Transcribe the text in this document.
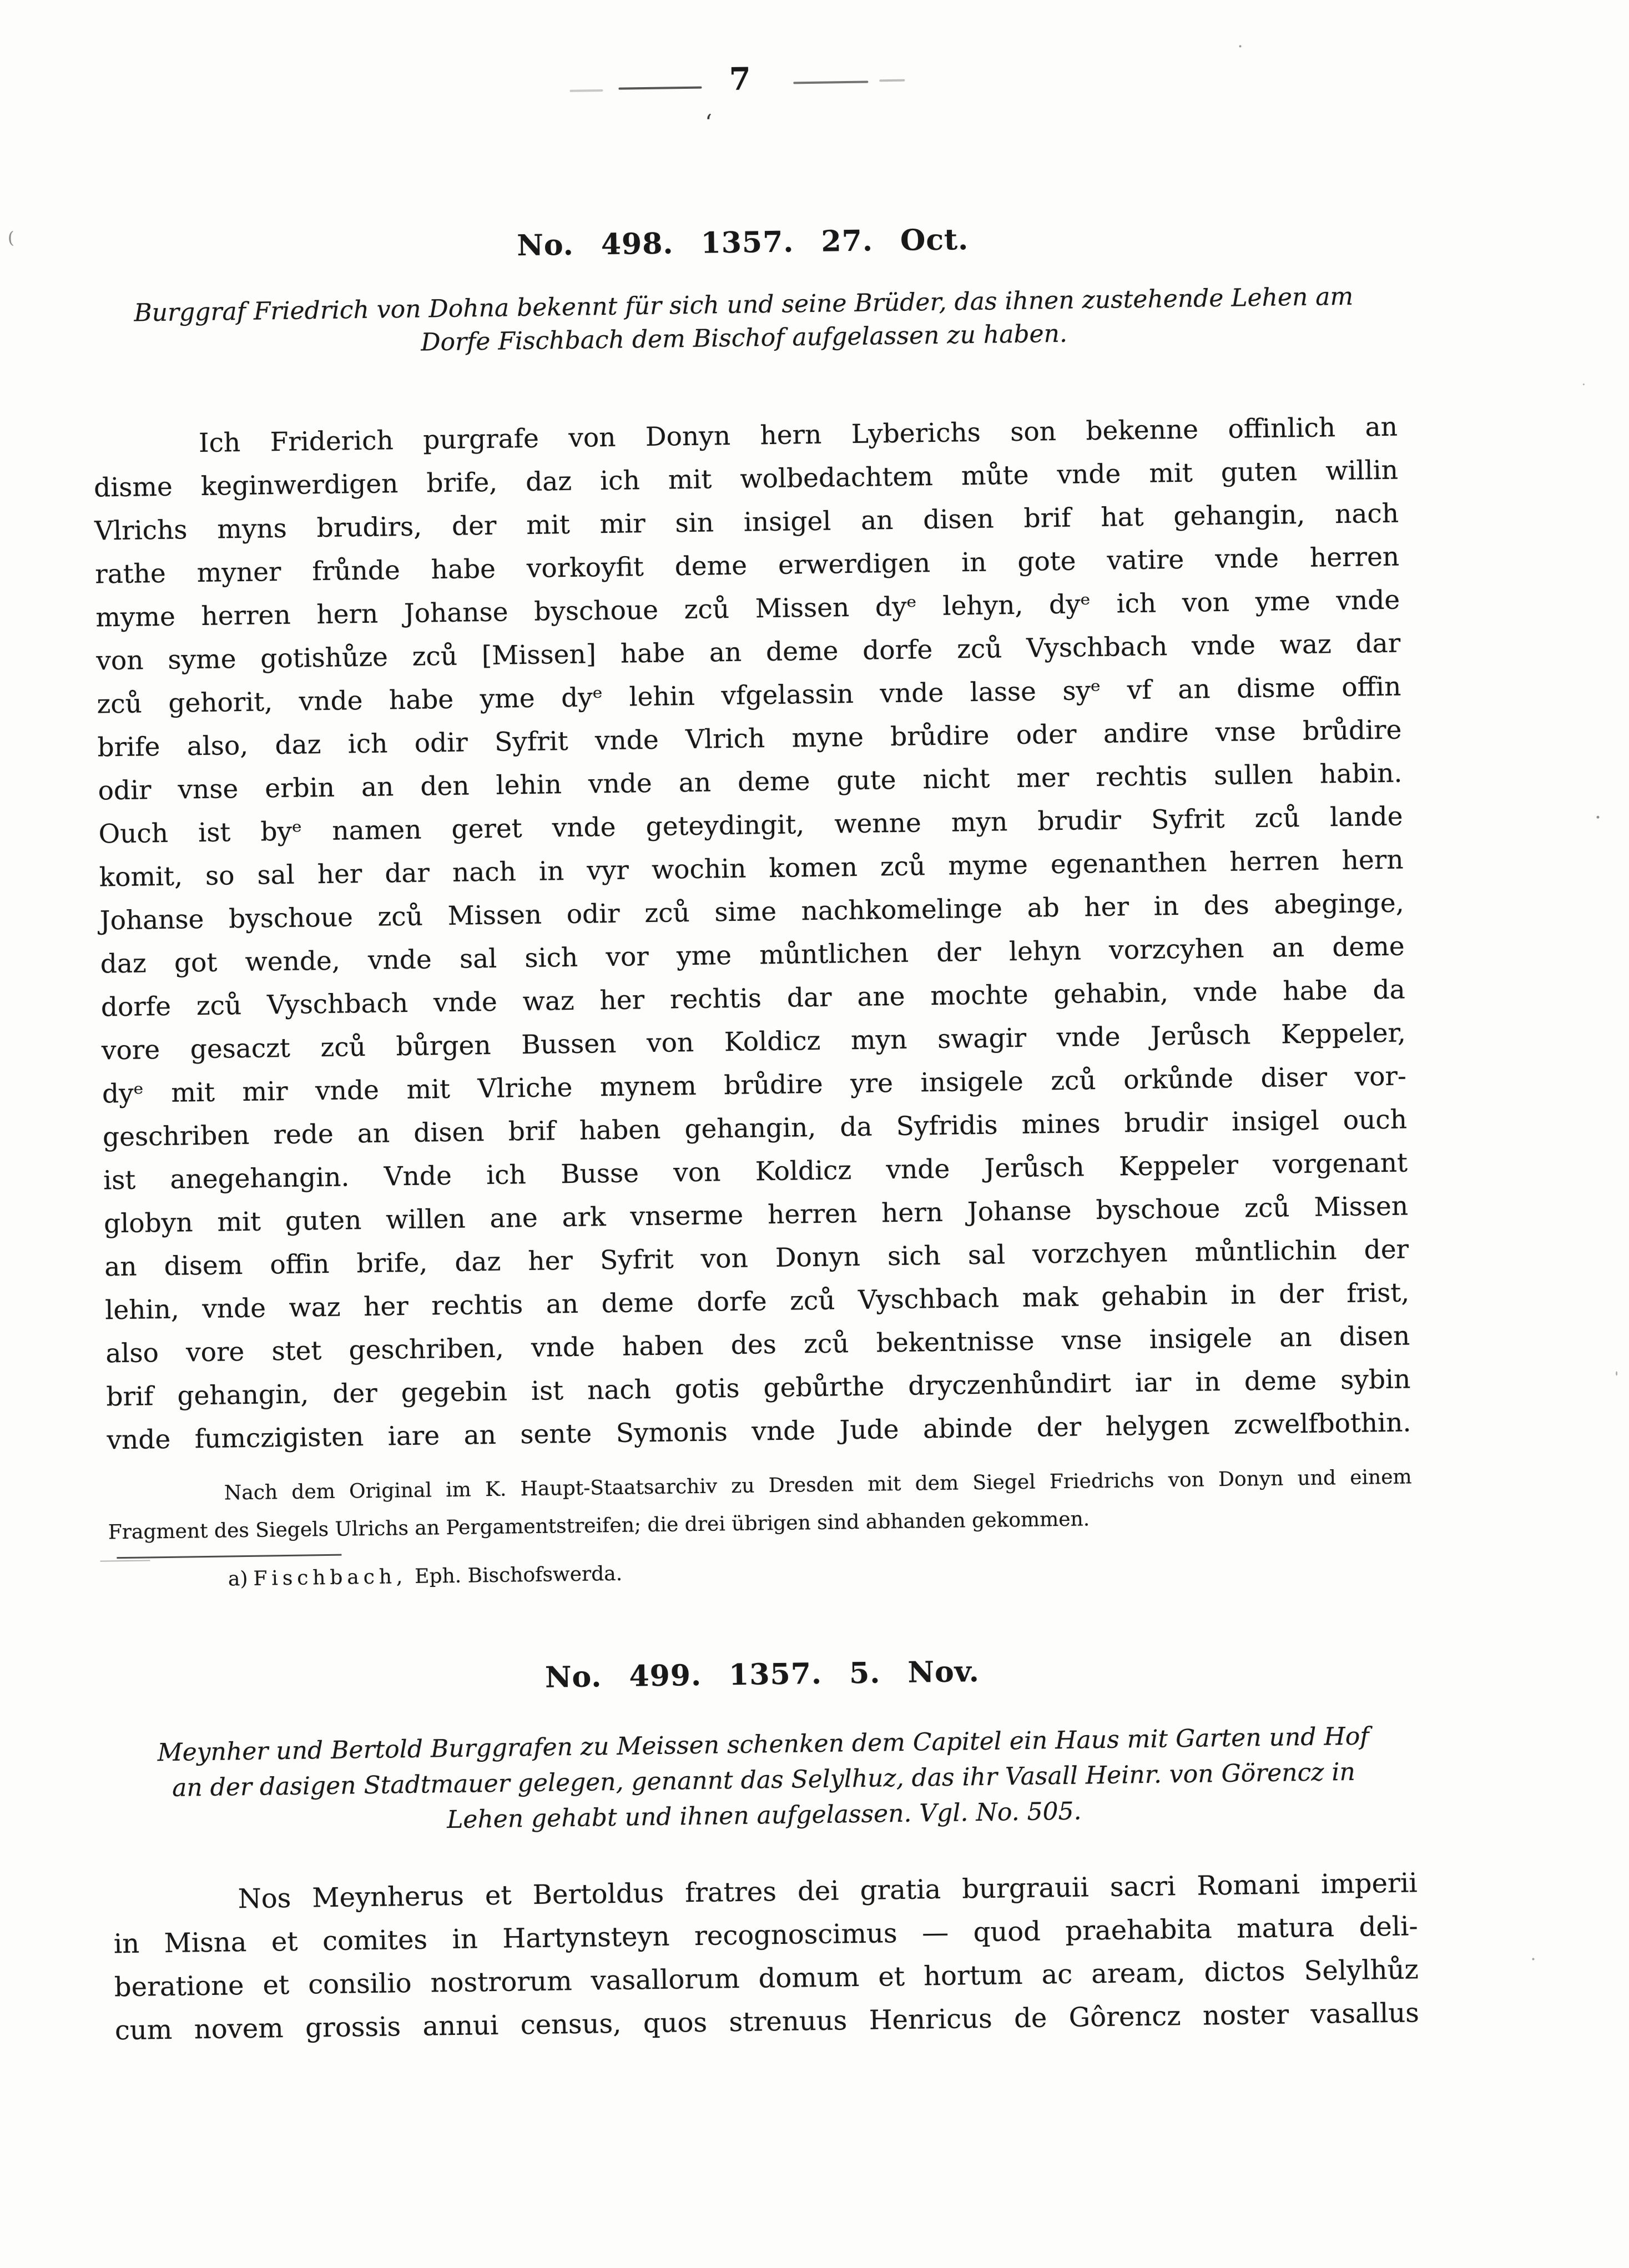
7
‘
(	No. 498. 1357. 27. Oct.
Burggraf Friedrich von Dohna bekennt für sich und seine Brüder, das ihnen zustehende Lehen am
Dorfe Fischbach dem Bischof aufgelassen zu haben.
Ich Friderich purgrafe von Donyn hern Lyberichs son bekenne offinlich an
disme keginwerdigen brife, daz ich mit wolbedachtem můte vnde mit guten willin
Vlrichs myns brudirs, der mit mir sin insigel an disen brif hat gehangin, nach
rathe myner frůnde habe vorkoyfit deme erwerdigen in gote vatire vnde herren
myme herren hern Johanse byschoue zců Missen dyᵉ lehyn, dyᵉ ich von yme vnde
von syme gotishůze zců [Missen] habe an deme dorfe zců Vyschbach vnde waz dar
zců gehorit, vnde habe yme dyᵉ lehin vfgelassin vnde lasse syᵉ vf an disme offin
brife also, daz ich odir Syfrit vnde Vlrich myne brůdire oder andire vnse brůdire
odir vnse erbin an den lehin vnde an deme gute nicht mer rechtis sullen habin.
Ouch ist byᵉ namen geret vnde geteydingit, wenne myn brudir Syfrit zců lande
komit, so sal her dar nach in vyr wochin komen zců myme egenanthen herren hern
Johanse byschoue zců Missen odir zců sime nachkomelinge ab her in des abeginge,
daz got wende, vnde sal sich vor yme můntlichen der lehyn vorzcyhen an deme
dorfe zců Vyschbach vnde waz her rechtis dar ane mochte gehabin, vnde habe da
vore gesaczt zců bůrgen Bussen von Koldicz myn swagir vnde Jerůsch Keppeler,
dyᵉ mit mir vnde mit Vlriche mynem brůdire yre insigele zců orkůnde diser vor-
geschriben rede an disen brif haben gehangin, da Syfridis mines brudir insigel ouch
ist anegehangin. Vnde ich Busse von Koldicz vnde Jerůsch Keppeler vorgenant
globyn mit guten willen ane ark vnserme herren hern Johanse byschoue zců Missen
an disem offin brife, daz her Syfrit von Donyn sich sal vorzchyen můntlichin der
lehin, vnde waz her rechtis an deme dorfe zců Vyschbach mak gehabin in der frist,
also vore stet geschriben, vnde haben des zců bekentnisse vnse insigele an disen
brif gehangin, der gegebin ist nach gotis gebůrthe dryczenhůndirt iar in deme sybin
vnde fumczigisten iare an sente Symonis vnde Jude abinde der helygen zcwelfbothin.
Nach dem Original im K. Haupt-Staatsarchiv zu Dresden mit dem Siegel Friedrichs von Donyn und einem
Fragment des Siegels Ulrichs an Pergamentstreifen; die drei übrigen sind abhanden gekommen.
a) Fischbach, Eph. Bischofswerda.
No. 499. 1357. 5. Nov.
Meynher und Bertold Burggrafen zu Meissen schenken dem Capitel ein Haus mit Garten und Hof
an der dasigen Stadtmauer gelegen, genannt das Selylhuz, das ihr Vasall Heinr. von Görencz in
Lehen gehabt und ihnen aufgelassen. Vgl. No. 505.
Nos Meynherus et Bertoldus fratres dei gratia burgrauii sacri Romani imperii
in Misna et comites in Hartynsteyn recognoscimus — quod praehabita matura deli-
beratione et consilio nostrorum vasallorum domum et hortum ac aream, dictos Selylhůz
cum novem grossis annui census, quos strenuus Henricus de Gôrencz noster vasallus
